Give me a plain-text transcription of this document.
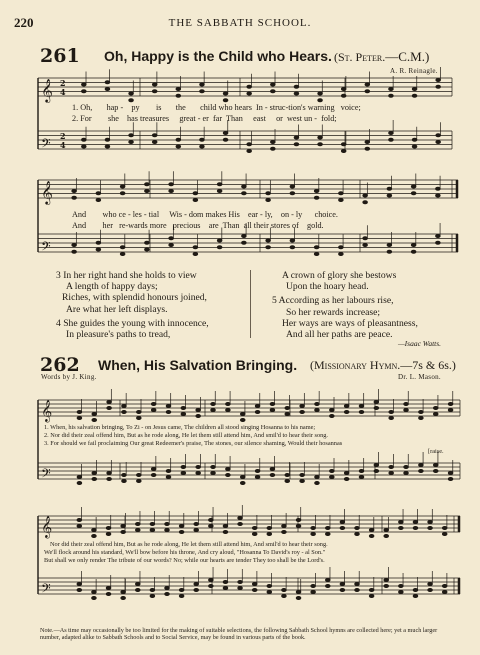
220	THE SABBATH SCHOOL.
261 Oh, Happy is the Child who Hears. (St. Peter.—C.M.)
A. R. Reinagle.
𝄞
𝄢
𝄞
𝄢
𝄞
𝄢
𝄞
𝄢
2
4
2
4
1. Oh, hap - py is the child who hears In - struc-tion's warning voice;
2. For she has treasures great - er far Than east or west un - fold;
And who ce - les - tial Wis - dom makes His ear - ly, on - ly choice.
And her re-wards more precious are Than all their stores of gold.
3 In her right hand she holds to view
A length of happy days;
Riches, with splendid honours joined,
Are what her left displays.
4 She guides the young with innocence,
In pleasure's paths to tread,
A crown of glory she bestows
Upon the hoary head.
5 According as her labours rise,
So her rewards increase;
Her ways are ways of pleasantness,
And all her paths are peace.
—Isaac Watts.
262 When, His Salvation Bringing. (Missionary Hymn.—7s & 6s.)
Words by J. King.	Dr. L. Mason.
1. When, his salvation bringing, To Zi - on Jesus came, The children all stood singing Hosanna to his name;
2. Nor did their zeal offend him, But as he rode along, He let them still attend him, And smil'd to hear their song.
3. For should we fail proclaiming Our great Redeemer's praise, The stones, our silence shaming, Would their hosannas
[raise.
Nor did their zeal offend him, But as he rode along, He let them still attend him, And smil'd to hear their song.
We'll flock around his standard, We'll bow before his throne, And cry aloud, "Hosanna To David's roy - al Son."
But shall we only render The tribute of our words? No; while our hearts are tender They too shall be the Lord's.
Note.—As time may occasionally be too limited for the making of suitable selections, the following Sabbath School hymns are collected here; yet a much larger number, adapted alike to Sabbath Schools and to Social Service, may be found in various parts of the book.
